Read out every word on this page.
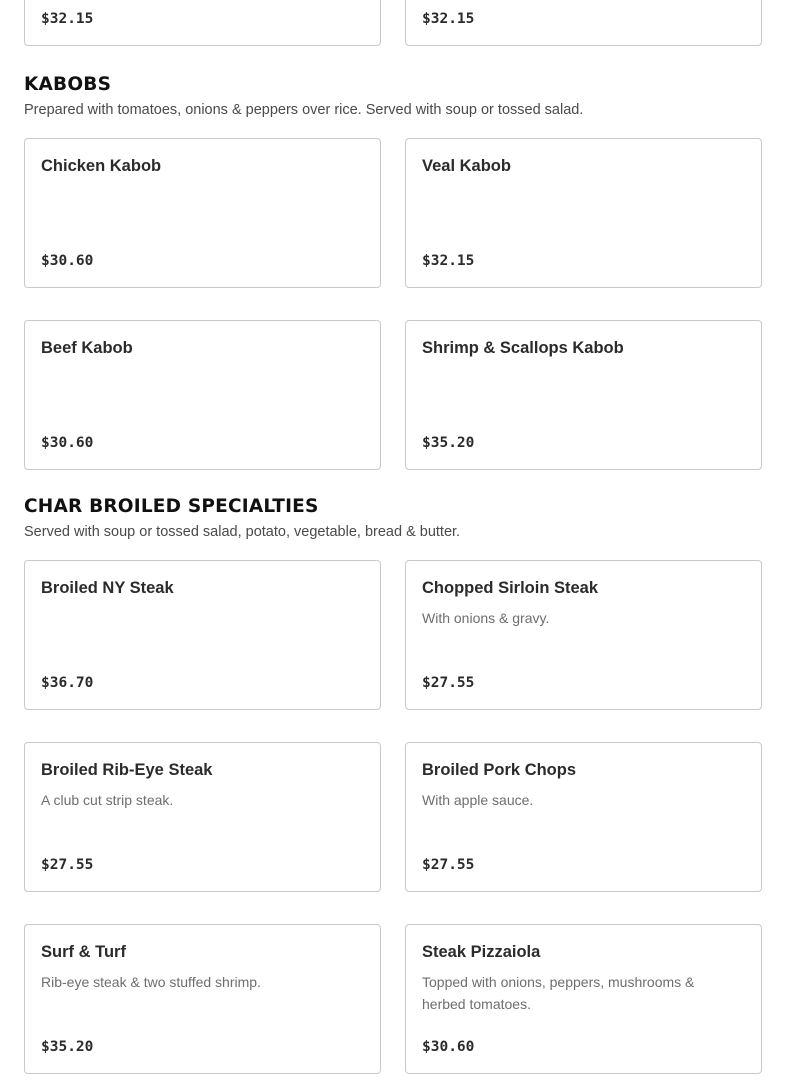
$32.15	$32.15
KABOBS
Prepared with tomatoes, onions & peppers over rice. Served with soup or tossed salad.
Chicken Kabob
$30.60
Veal Kabob
$32.15
Beef Kabob
$30.60
Shrimp & Scallops Kabob
$35.20
CHAR BROILED SPECIALTIES
Served with soup or tossed salad, potato, vegetable, bread & butter.
Broiled NY Steak
$36.70
Chopped Sirloin Steak
With onions & gravy.
$27.55
Broiled Rib-Eye Steak
A club cut strip steak.
$27.55
Broiled Pork Chops
With apple sauce.
$27.55
Surf & Turf
Rib-eye steak & two stuffed shrimp.
$35.20
Steak Pizzaiola
Topped with onions, peppers, mushrooms & herbed tomatoes.
$30.60
